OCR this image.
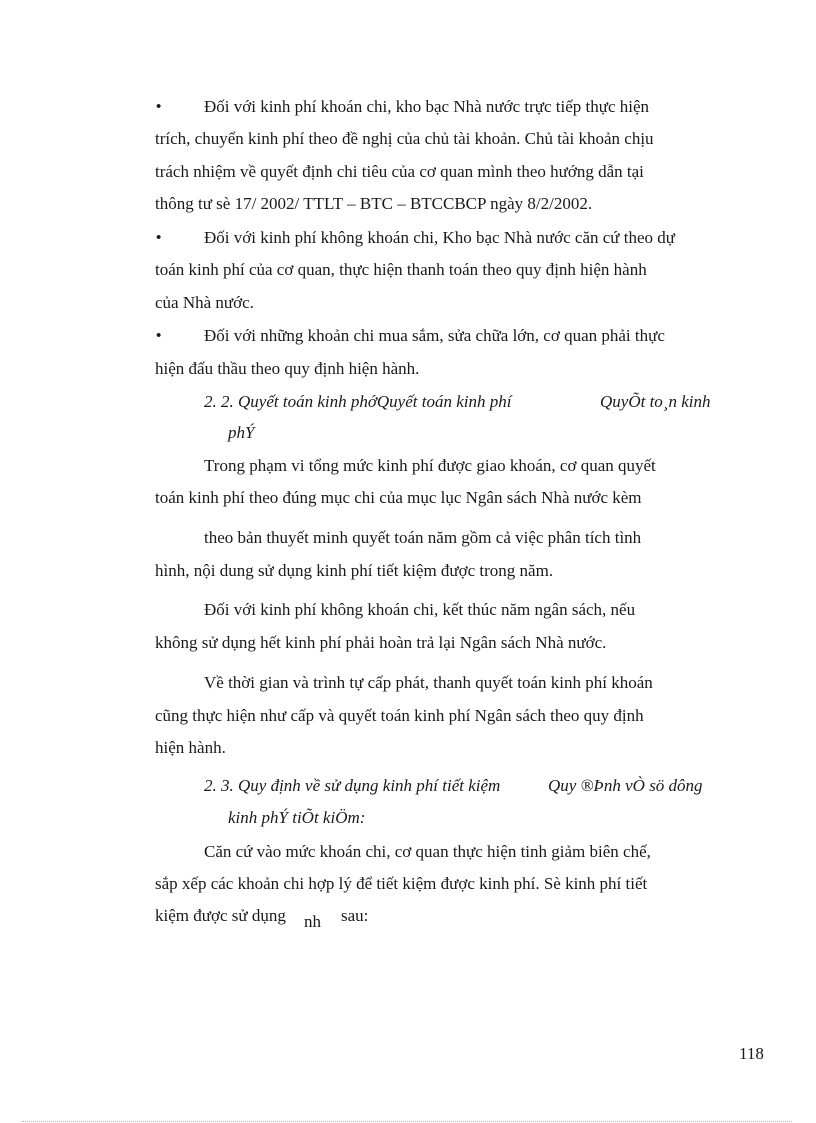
•	Đối với kinh phí khoán chi, kho bạc Nhà nước trực tiếp thực hiện
trích, chuyển kinh phí theo đề nghị của chủ tài khoản. Chủ tài khoản chịu
trách nhiệm về quyết định chi tiêu của cơ quan mình theo hướng dẫn tại
thông tư sè 17/ 2002/ TTLT – BTC – BTCCBCP ngày 8/2/2002.
•	Đối với kinh phí không khoán chi, Kho bạc Nhà nước căn cứ theo dự
toán kinh phí của cơ quan, thực hiện thanh toán theo quy định hiện hành
của Nhà nước.
•	Đối với những khoản chi mua sắm, sửa chữa lớn, cơ quan phải thực
hiện đấu thầu theo quy định hiện hành.
2. 2. Quyết toán kinh phớQuyết toán kinh phí	QuyÕt to¸n kinh
phÝ
Trong phạm vi tổng mức kinh phí được giao khoán, cơ quan quyết
toán kinh phí theo đúng mục chi của mục lục Ngân sách Nhà nước kèm
theo bản thuyết minh quyết toán năm gồm cả việc phân tích tình
hình, nội dung sử dụng kinh phí tiết kiệm được trong năm.
Đối với kinh phí không khoán chi, kết thúc năm ngân sách, nếu
không sử dụng hết kinh phí phải hoàn trả lại Ngân sách Nhà nước.
Về thời gian và trình tự cấp phát, thanh quyết toán kinh phí khoán
cũng thực hiện như cấp và quyết toán kinh phí Ngân sách theo quy định
hiện hành.
2. 3. Quy định về sử dụng kinh phí tiết kiệm	Quy ®Þnh vÒ sö dông
kinh phÝ tiÕt kiÖm:
Căn cứ vào mức khoán chi, cơ quan thực hiện tinh giảm biên chế,
sắp xếp các khoản chi hợp lý để tiết kiệm được kinh phí. Sè kinh phí tiết
kiệm được sử dụng nh sau:
118
